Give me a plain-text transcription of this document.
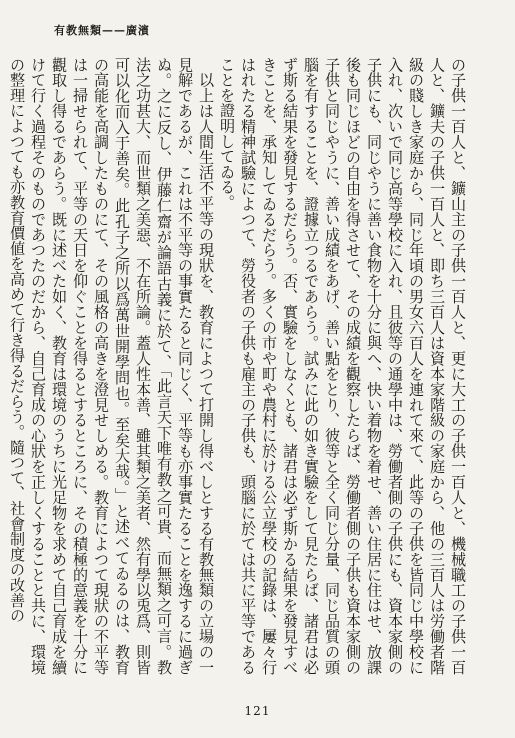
有教無類——廣濱
の子供一百人と、鑛山主の子供一百人と、更に大工の子供一百人と、機械職工の子供一百人と、鑛夫の子供一百人と、即ち三百人は資本家階級の家庭から、他の三百人は労働者階級の賤しき家庭から、同じ年頃の男女六百人を連れて來て、此等の子供を皆同じ中學校に入れ、次いで同じ高等學校に入れ、且彼等の通學中は、勞働者側の子供にも、資本家側の子供にも、同じやうに善い食物を十分に與へ、快い着物を着せ、善い住居に住はせ、放課後も同じほどの自由を得させて、その成績を觀察したらば、勞働者側の子供も資本家側の子供と同じやうに、善い成績をあげ、善い點をとり、彼等と全く同じ分量、同じ品質の頭腦を有することを、證據立つるであらう。試みに此の如き實驗をして見たらば、諸君は必ず斯る結果を發見するだらう。否、實驗をしなくとも、諸君は必ず斯かる結果を發見すべきことを、承知してゐるだらう。多くの市や町や農村に於ける公立學校の記錄は、屢々行はれたる精神試驗によつて、勞役者の子供も雇主の子供も、頭腦に於ては共に平等であることを證明してゐる。
以上は人間生活不平等の現狀を、教育によつて打開し得べしとする有教無類の立場の一見解であるが、これは不平等の事實たると同じく、平等も亦事實たることを逸するに過ぎぬ。之に反し、伊藤仁齋が論語古義に於て、「此言天下唯有教之可貴、而無類之可言。教法之功甚大、而世類之美惡、不在所論。蓋人性本善、雖其類之美者、然有學以兎爲、則皆可以化而入于善矣。此孔子之所以爲萬世開學問也。至矣大哉。」と述べてゐるのは、教育の高能を高調したものにて、その風格の高きを澄見せしめる。教育によつて現狀の不平等は一掃せられて、平等の天日を仰ぐことを得るとするところに、その積極的意義を十分に觀取し得るであらう。既に述べた如く、教育は環境のうちに光足物を求めて自己育成を續けて行く過程そのものであつたのだから、自己育成の心狀を正しくすることと共に、環境の整理によつても亦教育價値を高めて行き得るだらう。隨つて、社會制度の改善の
121
